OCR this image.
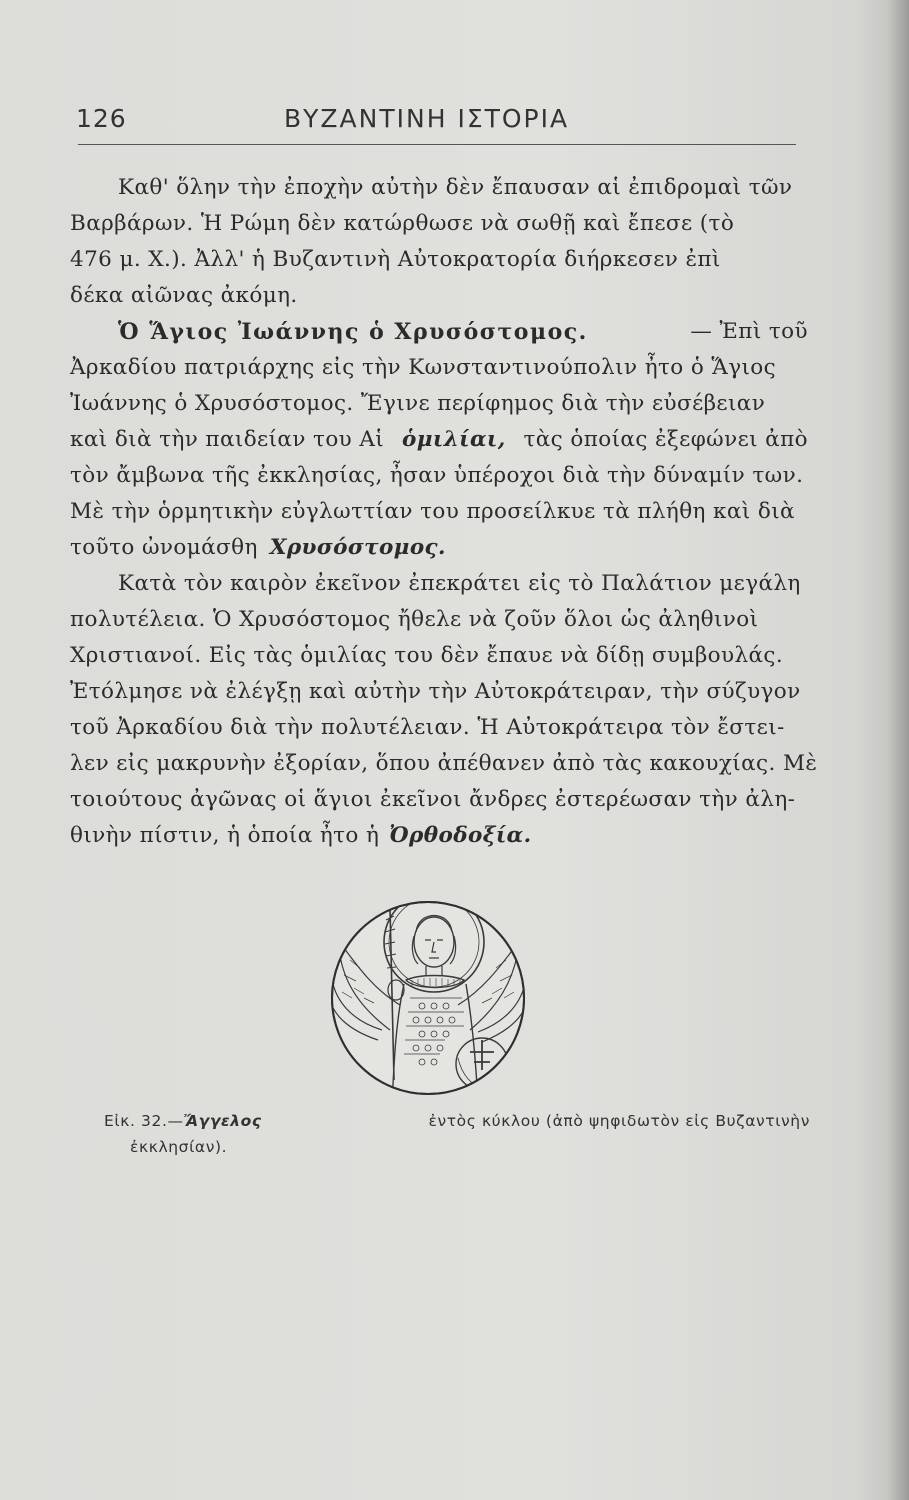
126	ΒΥΖΑΝΤΙΝΗ ΙΣΤΟΡΙΑ
Καθ' ὅλην τὴν ἐποχὴν αὐτὴν δὲν ἔπαυσαν αἱ ἐπιδρομαὶ τῶν
Βαρβάρων. Ἡ Ρώμη δὲν κατώρθωσε νὰ σωθῇ καὶ ἔπεσε (τὸ
476 μ. Χ.). Ἀλλ' ἡ Βυζαντινὴ Αὐτοκρατορία διήρκεσεν ἐπὶ
δέκα αἰῶνας ἀκόμη.
Ὁ Ἅγιος Ἰωάννης ὁ Χρυσόστομος.	— Ἐπὶ τοῦ
Ἀρκαδίου πατριάρχης εἰς τὴν Κωνσταντινούπολιν ἦτο ὁ Ἅγιος
Ἰωάννης ὁ Χρυσόστομος. Ἔγινε περίφημος διὰ τὴν εὐσέβειαν
καὶ διὰ τὴν παιδείαν του Αἱ ὁμιλίαι, τὰς ὁποίας ἐξεφώνει ἀπὸ
τὸν ἄμβωνα τῆς ἐκκλησίας, ἦσαν ὑπέροχοι διὰ τὴν δύναμίν των.
Μὲ τὴν ὁρμητικὴν εὐγλωττίαν του προσείλκυε τὰ πλήθη καὶ διὰ
τοῦτο ὠνομάσθη Χρυσόστομος.
Κατὰ τὸν καιρὸν ἐκεῖνον ἐπεκράτει εἰς τὸ Παλάτιον μεγάλη
πολυτέλεια. Ὁ Χρυσόστομος ἤθελε νὰ ζοῦν ὅλοι ὡς ἀληθινοὶ
Χριστιανοί. Εἰς τὰς ὁμιλίας του δὲν ἔπαυε νὰ δίδῃ συμβουλάς.
Ἐτόλμησε νὰ ἐλέγξῃ καὶ αὐτὴν τὴν Αὐτοκράτειραν, τὴν σύζυγον
τοῦ Ἀρκαδίου διὰ τὴν πολυτέλειαν. Ἡ Αὐτοκράτειρα τὸν ἔστει-
λεν εἰς μακρυνὴν ἐξορίαν, ὅπου ἀπέθανεν ἀπὸ τὰς κακουχίας. Μὲ
τοιούτους ἀγῶνας οἱ ἅγιοι ἐκεῖνοι ἄνδρες ἐστερέωσαν τὴν ἀλη-
θινὴν πίστιν, ἡ ὁποία ἦτο ἡ Ὀρθοδοξία.
Εἰκ. 32.—Ἄγγελος	ἐντὸς κύκλου (ἀπὸ ψηφιδωτὸν εἰς Βυζαντινὴν
ἐκκλησίαν).
